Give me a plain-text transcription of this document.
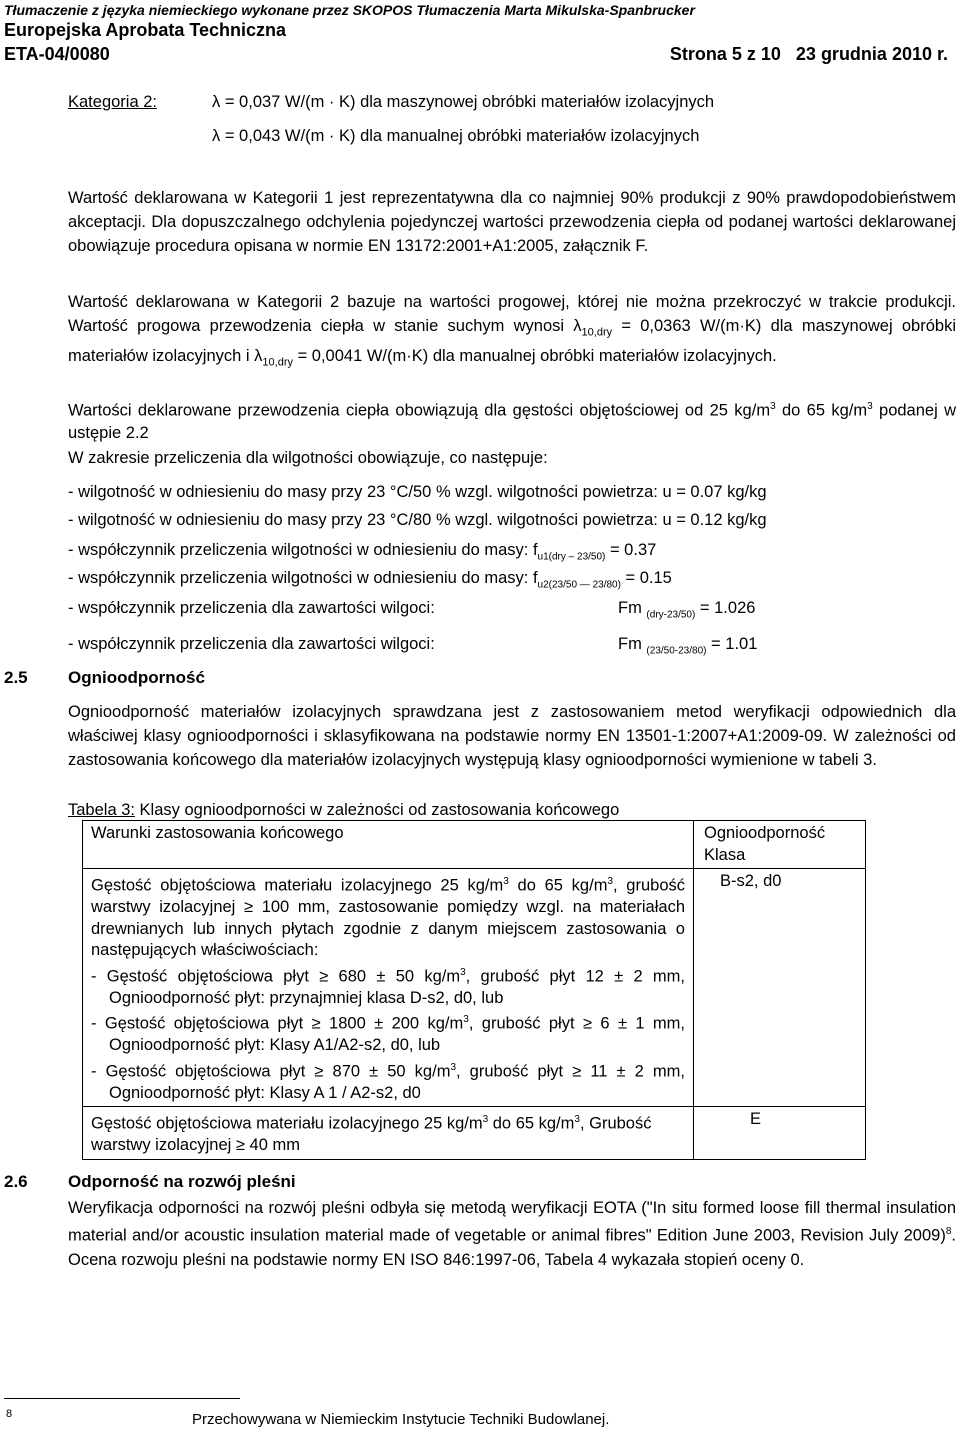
Tłumaczenie z języka niemieckiego wykonane przez SKOPOS Tłumaczenia Marta Mikulska-Spanbrucker
Europejska Aprobata Techniczna
ETA-04/0080	Strona 5 z 10   23 grudnia 2010 r.
Kategoria 2:	λ = 0,037 W/(m · K) dla maszynowej obróbki materiałów izolacyjnych
λ = 0,043 W/(m · K) dla manualnej obróbki materiałów izolacyjnych
Wartość deklarowana w Kategorii 1 jest reprezentatywna dla co najmniej 90% produkcji z 90% prawdopodobieństwem akceptacji. Dla dopuszczalnego odchylenia pojedynczej wartości przewodzenia ciepła od podanej wartości deklarowanej obowiązuje procedura opisana w normie EN 13172:2001+A1:2005, załącznik F.
Wartość deklarowana w Kategorii 2 bazuje na wartości progowej, której nie można przekroczyć w trakcie produkcji. Wartość progowa przewodzenia ciepła w stanie suchym wynosi $\lambda_{10,dry} = 0,0363$ W/(m·K) dla maszynowej obróbki materiałów izolacyjnych i $\lambda_{10,dry} = 0,0041$ W/(m·K) dla manualnej obróbki materiałów izolacyjnych.
Wartości deklarowane przewodzenia ciepła obowiązują dla gęstości objętościowej od 25 $kg/m^3$ do 65 $kg/m^3$ podanej w ustępie 2.2
W zakresie przeliczenia dla wilgotności obowiązuje, co następuje:
- wilgotność w odniesieniu do masy przy 23 °C/50 % wzgl. wilgotności powietrza: u = 0.07 kg/kg
- wilgotność w odniesieniu do masy przy 23 °C/80 % wzgl. wilgotności powietrza: u = 0.12 kg/kg
- współczynnik przeliczenia wilgotności w odniesieniu do masy: $f_{u1(dry - 23/50)} = 0.37$
- współczynnik przeliczenia wilgotności w odniesieniu do masy: $f_{u2(23/50 — 23/80)} = 0.15$
- współczynnik przeliczenia dla zawartości wilgoci:	Fm $_{(dry-23/50)}$ = 1.026
- współczynnik przeliczenia dla zawartości wilgoci:	Fm $_{(23/50-23/80)}$ = 1.01
2.5 Ognioodporność
Ognioodporność materiałów izolacyjnych sprawdzana jest z zastosowaniem metod weryfikacji odpowiednich dla właściwej klasy ognioodporności i sklasyfikowana na podstawie normy EN 13501-1:2007+A1:2009-09. W zależności od zastosowania końcowego dla materiałów izolacyjnych występują klasy ognioodporności wymienione w tabeli 3.
Tabela 3: Klasy ognioodporności w zależności od zastosowania końcowego
Warunki zastosowania końcowego	Ognioodporność Klasa

Gęstość objętościowa materiału izolacyjnego 25 $kg/m^3$ do 65 $kg/m^3$, grubość warstwy izolacyjnej ≥ 100 mm, zastosowanie pomiędzy wzgl. na materiałach drewnianych lub innych płytach zgodnie z danym miejscem zastosowania o następujących właściwościach:
- Gęstość objętościowa płyt ≥ 680 ± 50 $kg/m^3$, grubość płyt 12 ± 2 mm, Ognioodporność płyt: przynajmniej klasa D-s2, d0, lub
- Gęstość objętościowa płyt ≥ 1800 ± 200 $kg/m^3$, grubość płyt ≥ 6 ± 1 mm, Ognioodporność płyt: Klasy A1/A2-s2, d0, lub
- Gęstość objętościowa płyt ≥ 870 ± 50 $kg/m^3$, grubość płyt ≥ 11 ± 2 mm, Ognioodporność płyt: Klasy A 1 / A2-s2, d0	B-s2, d0
Gęstość objętościowa materiału izolacyjnego 25 $kg/m^3$ do 65 $kg/m^3$, Grubość warstwy izolacyjnej ≥ 40 mm	E
2.6 Odporność na rozwój pleśni
Weryfikacja odporności na rozwój pleśni odbyła się metodą weryfikacji EOTA ("In situ formed loose fill thermal insulation material and/or acoustic insulation material made of vegetable or animal fibres" Edition June 2003, Revision July 2009)$^8$. Ocena rozwoju pleśni na podstawie normy EN ISO 846:1997-06, Tabela 4 wykazała stopień oceny 0.
8	Przechowywana w Niemieckim Instytucie Techniki Budowlanej.
